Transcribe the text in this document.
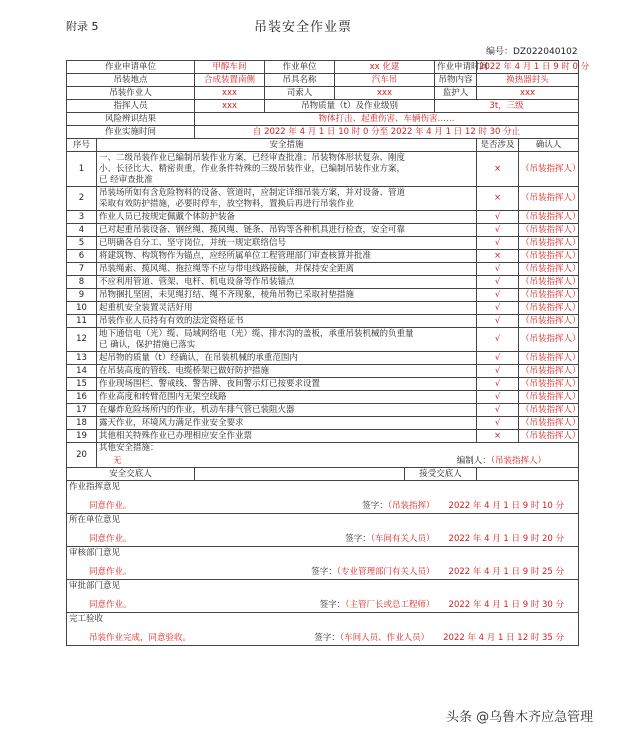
附录 5	吊装安全作业票
编号：DZ022040102
作业申请单位		甲醇车间	作业单位	xx 化建		作业申请时间	2022 年 4 月 1 日 9 时 0 分	
吊装地点		合成装置南侧	吊具名称	汽车吊		吊物内容	换热器封头	
吊装作业人		xxx	司索人	xxx		监护人	xxx	
指挥人员		xxx	吊物质量（t）及作业级别			3t，三级		
风险辨识结果		物体打击、起重伤害、车辆伤害……						
作业实施时间		自 2022 年 4 月 1 日 10 时 0 分至 2022 年 4 月 1 日 12 时 30 分止						
序号	安全措施						是否涉及	确认人
1	一、二级吊装作业已编制吊装作业方案，已经审查批准；吊装物体形状复杂、刚度
小、长径比大、精密贵重，作业条件特殊的三级吊装作业，已编制吊装作业方案，
已 经审查批准						×	（吊装指挥人）
2	吊装场所如有含危险物料的设备、管道时，应制定详细吊装方案，并对设备、管道
采取有效防护措施，必要时停车，放空物料，置换后再进行吊装作业						×	（吊装指挥人）
3	作业人员已按规定佩戴个体防护装备						√	（吊装指挥人）
4	已对起重吊装设备、钢丝绳、揽风绳、链条、吊钩等各种机具进行检查，安全可靠						√	（吊装指挥人）
5	已明确各自分工、坚守岗位，并统一规定联络信号						√	（吊装指挥人）
6	将建筑物、构筑物作为锚点，应经所属单位工程管理部门审查核算并批准						×	（吊装指挥人）
7	吊装绳索、揽风绳、拖拉绳等不应与带电线路接触，并保持安全距离						√	（吊装指挥人）
8	不应利用管道、管架、电杆、机电设备等作吊装锚点						√	（吊装指挥人）
9	吊物捆扎坚固，未见绳打结、绳不齐现象，棱角吊物已采取衬垫措施						√	（吊装指挥人）
10	起重机安全装置灵活好用						√	（吊装指挥人）
11	吊装作业人员持有有效的法定资格证书						√	（吊装指挥人）
12	地下通信电（光）缆、局域网络电（光）缆、排水沟的盖板，承重吊装机械的负重量
已 确认，保护措施已落实						√	（吊装指挥人）
13	起吊物的质量（t）经确认，在吊装机械的承重范围内						√	（吊装指挥人）
14	在吊装高度的管线、电缆桥架已做好防护措施						√	（吊装指挥人）
15	作业现场围栏、警戒线、警告牌、夜间警示灯已按要求设置						√	（吊装指挥人）
16	作业高度和转臂范围内无架空线路						√	（吊装指挥人）
17	在爆炸危险场所内的作业，机动车排气管已装阻火器						√	（吊装指挥人）
18	露天作业，环境风力满足作业安全要求						√	（吊装指挥人）
19	其他相关特殊作业已办理相应安全作业票						×	（吊装指挥人）
20	其他安全措施：
无 编制人：（吊装指挥人）							

安全交底人					接受交底人			

作业指挥意见
同意作业。 签字：（吊装指挥） 2022 年 4 月 1 日 9 时 10 分								

所在单位意见
同意作业。 签字：（车间有关人员） 2022 年 4 月 1 日 9 时 20 分								

审核部门意见
同意作业。 签字：（专业管理部门有关人员） 2022 年 4 月 1 日 9 时 25 分								

审批部门意见
同意作业。 签字：（主管厂长或总工程师） 2022 年 4 月 1 日 9 时 30 分								

完工验收
吊装作业完成，同意验收。 签字：（车间人员、作业人员） 2022 年 4 月 1 日 12 时 35 分								
头条 @乌鲁木齐应急管理
